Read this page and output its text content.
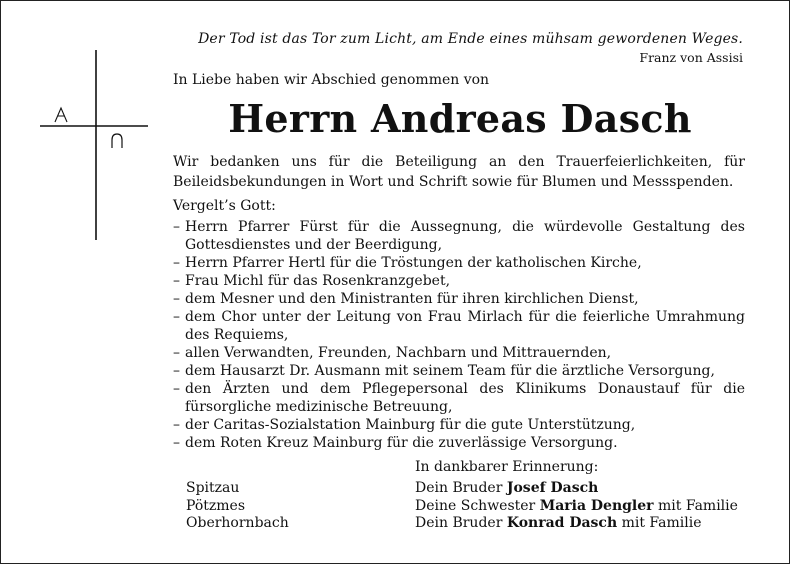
Der Tod ist das Tor zum Licht, am Ende eines mühsam gewordenen Weges.
Franz von Assisi
In Liebe haben wir Abschied genommen von
Herrn Andreas Dasch
Wir bedanken uns für die Beteiligung an den Trauerfeierlichkeiten, für Beileidsbekundungen in Wort und Schrift sowie für Blumen und Messspenden.
Vergelt’s Gott:
– Herrn Pfarrer Fürst für die Aussegnung, die würdevolle Gestaltung des Gottesdienstes und der Beerdigung,
– Herrn Pfarrer Hertl für die Tröstungen der katholischen Kirche,
– Frau Michl für das Rosenkranzgebet,
– dem Mesner und den Ministranten für ihren kirchlichen Dienst,
– dem Chor unter der Leitung von Frau Mirlach für die feierliche Umrahmung des Requiems,
– allen Verwandten, Freunden, Nachbarn und Mittrauernden,
– dem Hausarzt Dr. Ausmann mit seinem Team für die ärztliche Versorgung,
– den Ärzten und dem Pflegepersonal des Klinikums Donaustauf für die fürsorgliche medizinische Betreuung,
– der Caritas-Sozialstation Mainburg für die gute Unterstützung,
– dem Roten Kreuz Mainburg für die zuverlässige Versorgung.
In dankbarer Erinnerung:
Spitzau	Dein Bruder Josef Dasch
Pötzmes	Deine Schwester Maria Dengler mit Familie
Oberhornbach	Dein Bruder Konrad Dasch mit Familie
